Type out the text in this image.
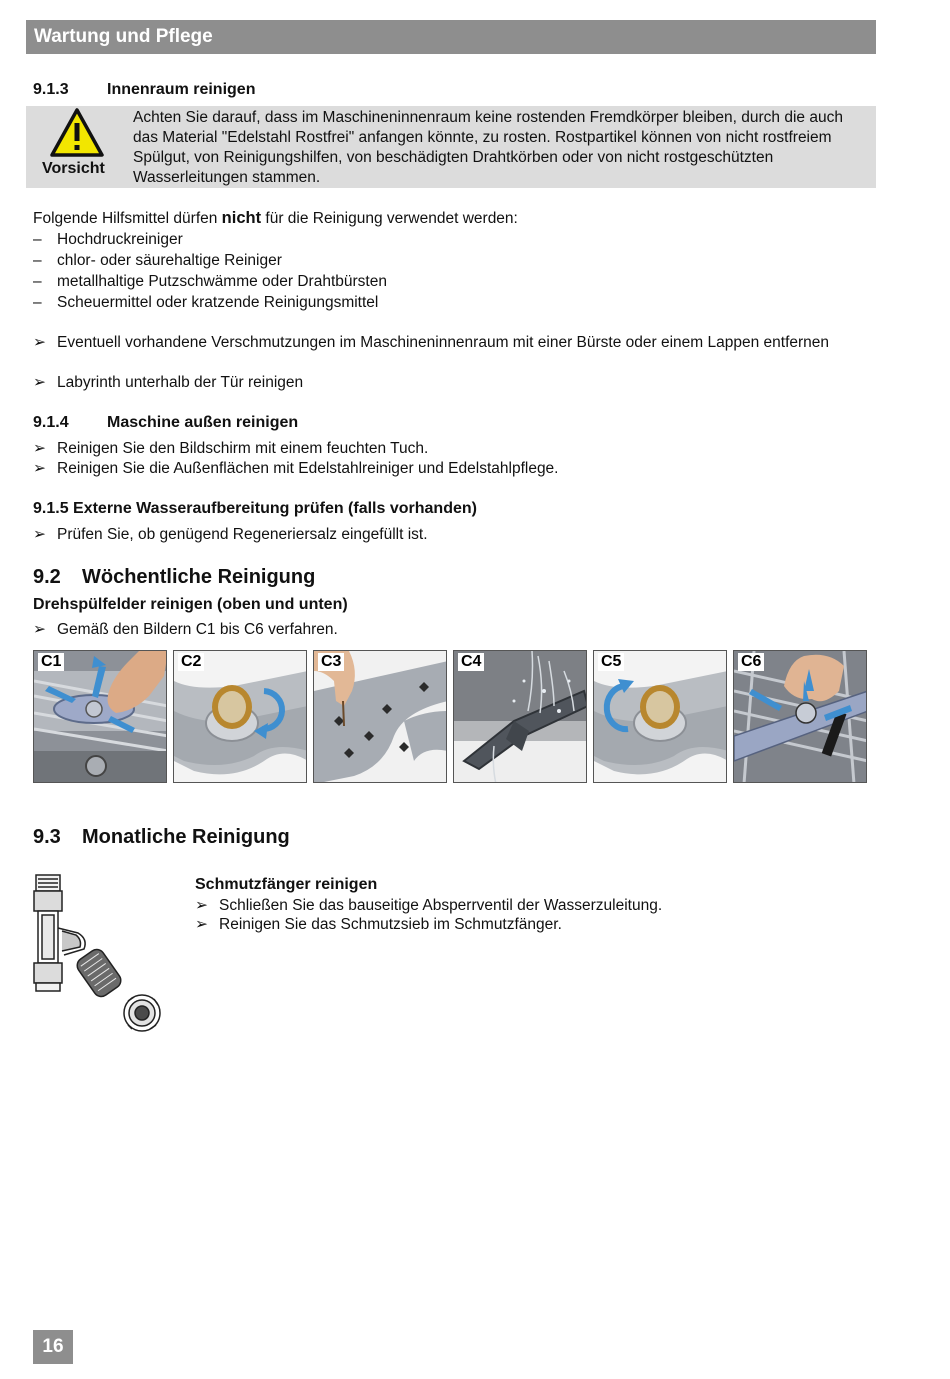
Wartung und Pflege
9.1.3 Innenraum reinigen
Vorsicht
Achten Sie darauf, dass im Maschineninnenraum keine rostenden Fremdkörper bleiben, durch die auch das Material "Edelstahl Rostfrei" anfangen könnte, zu rosten. Rostpartikel können von nicht rostfreiem Spülgut, von Reinigungshilfen, von beschädigten Drahtkörben oder von nicht rostgeschützten Wasserleitungen stammen.
Folgende Hilfsmittel dürfen nicht für die Reinigung verwendet werden:
– Hochdruckreiniger
– chlor- oder säurehaltige Reiniger
– metallhaltige Putzschwämme oder Drahtbürsten
– Scheuermittel oder kratzende Reinigungsmittel
➢ Eventuell vorhandene Verschmutzungen im Maschineninnenraum mit einer Bürste oder einem Lappen entfernen
➢ Labyrinth unterhalb der Tür reinigen
9.1.4 Maschine außen reinigen
➢ Reinigen Sie den Bildschirm mit einem feuchten Tuch.
➢ Reinigen Sie die Außenflächen mit Edelstahlreiniger und Edelstahlpflege.
9.1.5 Externe Wasseraufbereitung prüfen (falls vorhanden)
➢ Prüfen Sie, ob genügend Regeneriersalz eingefüllt ist.
9.2 Wöchentliche Reinigung
Drehspülfelder reinigen (oben und unten)
➢ Gemäß den Bildern C1 bis C6 verfahren.
C1	C2	C3	C4	C5	C6
9.3 Monatliche Reinigung
Schmutzfänger reinigen
➢ Schließen Sie das bauseitige Absperrventil der Wasserzuleitung.
➢ Reinigen Sie das Schmutzsieb im Schmutzfänger.
16
